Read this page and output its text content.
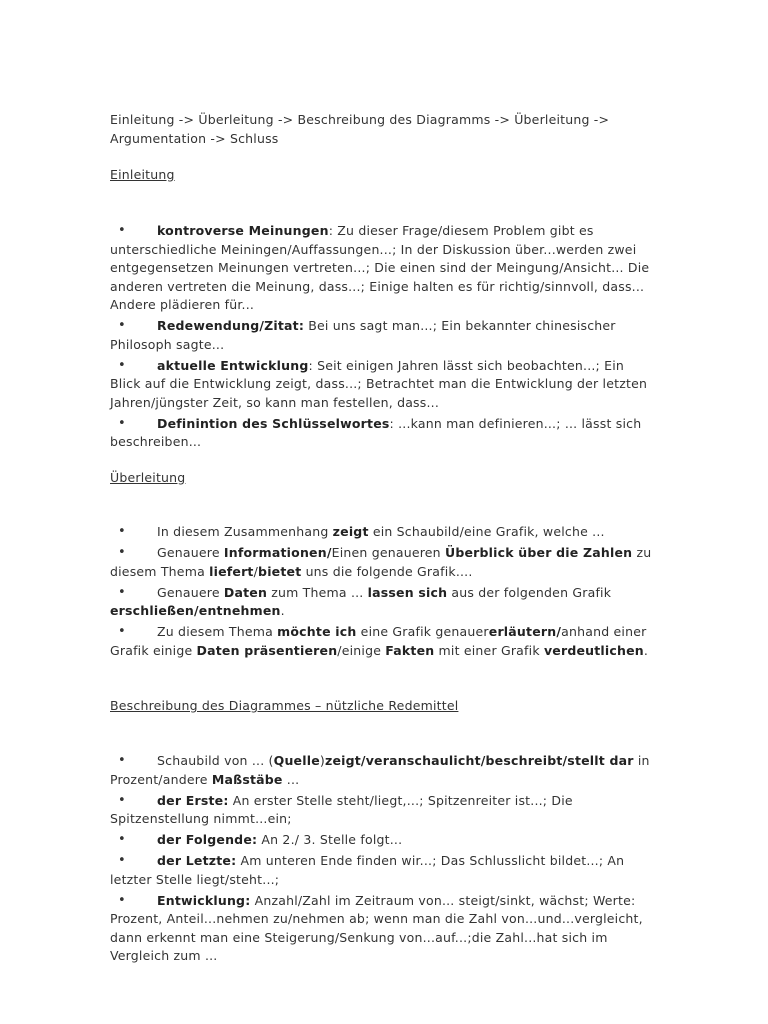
Einleitung -> Überleitung -> Beschreibung des Diagramms -> Überleitung ->
Argumentation -> Schluss
Einleitung
• kontroverse Meinungen: Zu dieser Frage/diesem Problem gibt es unterschiedliche Meiningen/Auffassungen...; In der Diskussion über...werden zwei entgegensetzen Meinungen vertreten...; Die einen sind der Meingung/Ansicht... Die anderen vertreten die Meinung, dass...; Einige halten es für richtig/sinnvoll, dass... Andere plädieren für...
• Redewendung/Zitat: Bei uns sagt man...; Ein bekannter chinesischer Philosoph sagte...
• aktuelle Entwicklung: Seit einigen Jahren lässt sich beobachten...; Ein Blick auf die Entwicklung zeigt, dass...; Betrachtet man die Entwicklung der letzten Jahren/jüngster Zeit, so kann man festellen, dass...
• Definintion des Schlüsselwortes: ...kann man definieren...; ... lässt sich beschreiben...
Überleitung
• In diesem Zusammenhang zeigt ein Schaubild/eine Grafik, welche ...
• Genauere Informationen/Einen genaueren Überblick über die Zahlen zu diesem Thema liefert/bietet uns die folgende Grafik....
• Genauere Daten zum Thema ... lassen sich aus der folgenden Grafik erschließen/entnehmen.
• Zu diesem Thema möchte ich eine Grafik genauererläutern/anhand einer Grafik einige Daten präsentieren/einige Fakten mit einer Grafik verdeutlichen.
Beschreibung des Diagrammes – nützliche Redemittel
• Schaubild von ... (Quelle)zeigt/veranschaulicht/beschreibt/stellt dar in Prozent/andere Maßstäbe ...
• der Erste: An erster Stelle steht/liegt,...; Spitzenreiter ist...; Die Spitzenstellung nimmt...ein;
• der Folgende: An 2./ 3. Stelle folgt...
• der Letzte: Am unteren Ende finden wir...; Das Schlusslicht bildet...; An letzter Stelle liegt/steht...;
• Entwicklung: Anzahl/Zahl im Zeitraum von... steigt/sinkt, wächst; Werte: Prozent, Anteil...nehmen zu/nehmen ab; wenn man die Zahl von...und...vergleicht, dann erkennt man eine Steigerung/Senkung von...auf...;die Zahl...hat sich im Vergleich zum ...
